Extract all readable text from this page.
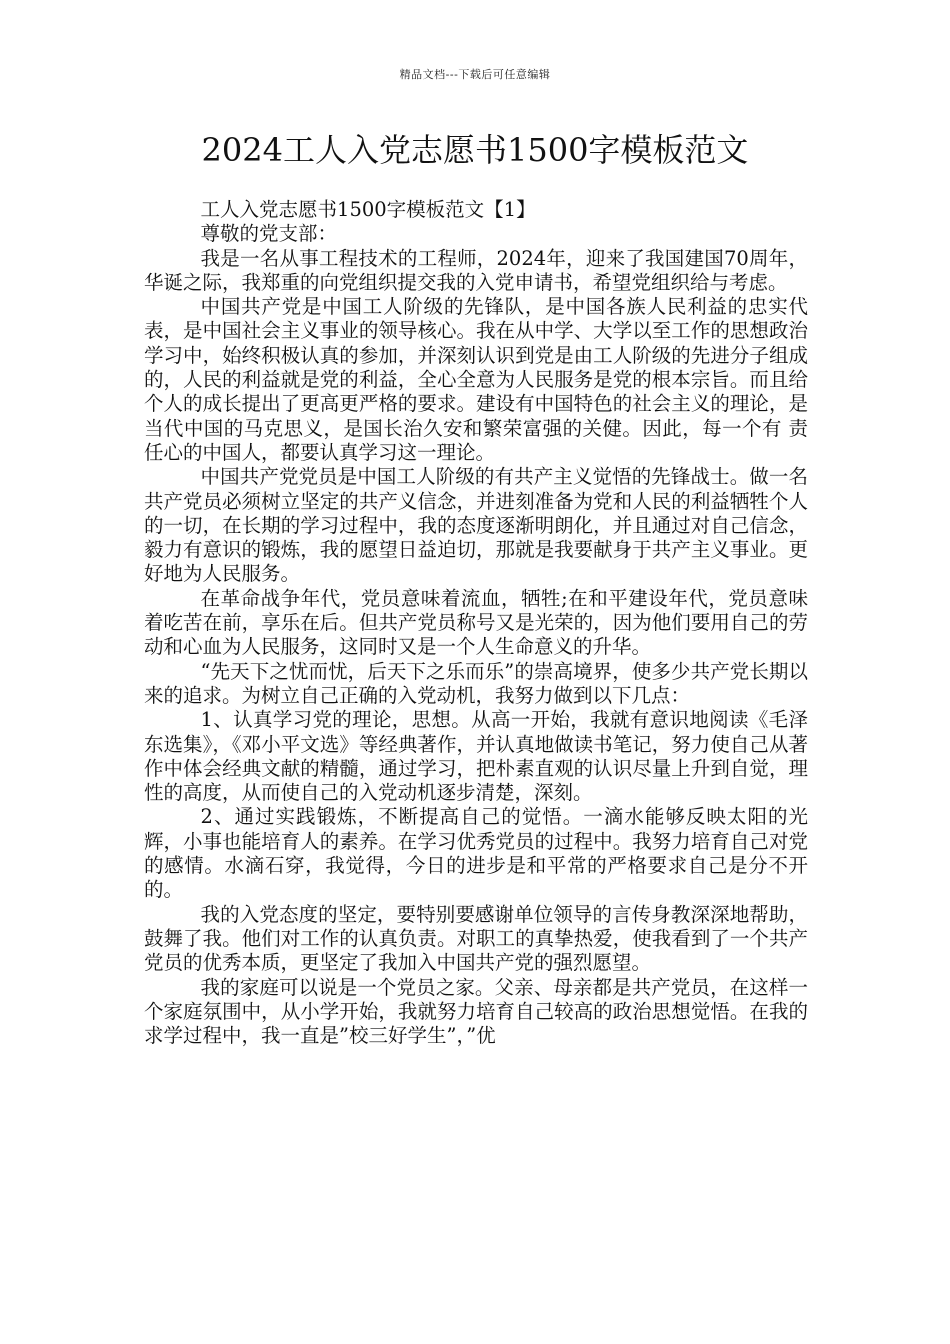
精品文档---下载后可任意编辑
2024工人入党志愿书1500字模板范文

工人入党志愿书1500字模板范文【1】

尊敬的党支部：

我是一名从事工程技术的工程师，2024年，迎来了我国建国70周年，华诞之际，我郑重的向党组织提交我的入党申请书，希望党组织给与考虑。

中国共产党是中国工人阶级的先锋队，是中国各族人民利益的忠实代表，是中国社会主义事业的领导核心。我在从中学、大学以至工作的思想政治学习中，始终积极认真的参加，并深刻认识到党是由工人阶级的先进分子组成的，人民的利益就是党的利益，全心全意为人民服务是党的根本宗旨。而且给个人的成长提出了更高更严格的要求。建设有中国特色的社会主义的理论，是当代中国的马克思义，是国长治久安和繁荣富强的关健。因此，每一个有 责任心的中国人，都要认真学习这一理论。

中国共产党党员是中国工人阶级的有共产主义觉悟的先锋战士。做一名共产党员必须树立坚定的共产义信念，并进刻准备为党和人民的利益牺牲个人的一切，在长期的学习过程中，我的态度逐渐明朗化，并且通过对自己信念，毅力有意识的锻炼，我的愿望日益迫切，那就是我要献身于共产主义事业。更好地为人民服务。

在革命战争年代，党员意味着流血，牺牲;在和平建设年代，党员意味着吃苦在前，享乐在后。但共产党员称号又是光荣的，因为他们要用自己的劳动和心血为人民服务，这同时又是一个人生命意义的升华。

“先天下之忧而忧，后天下之乐而乐”的崇高境界，使多少共产党长期以来的追求。为树立自己正确的入党动机，我努力做到以下几点：

1、认真学习党的理论，思想。从高一开始，我就有意识地阅读《毛泽东选集》，《邓小平文选》等经典著作，并认真地做读书笔记，努力使自己从著作中体会经典文献的精髓，通过学习，把朴素直观的认识尽量上升到自觉，理性的高度，从而使自己的入党动机逐步清楚，深刻。

2、通过实践锻炼，不断提高自己的觉悟。一滴水能够反映太阳的光辉，小事也能培育人的素养。在学习优秀党员的过程中。我努力培育自己对党的感情。水滴石穿，我觉得，今日的进步是和平常的严格要求自己是分不开的。

我的入党态度的坚定，要特别要感谢单位领导的言传身教深深地帮助，鼓舞了我。他们对工作的认真负责。对职工的真挚热爱，使我看到了一个共产党员的优秀本质，更坚定了我加入中国共产党的强烈愿望。

我的家庭可以说是一个党员之家。父亲、母亲都是共产党员，在这样一个家庭氛围中，从小学开始，我就努力培育自己较高的政治思想觉悟。在我的求学过程中，我一直是”校三好学生”，”优
